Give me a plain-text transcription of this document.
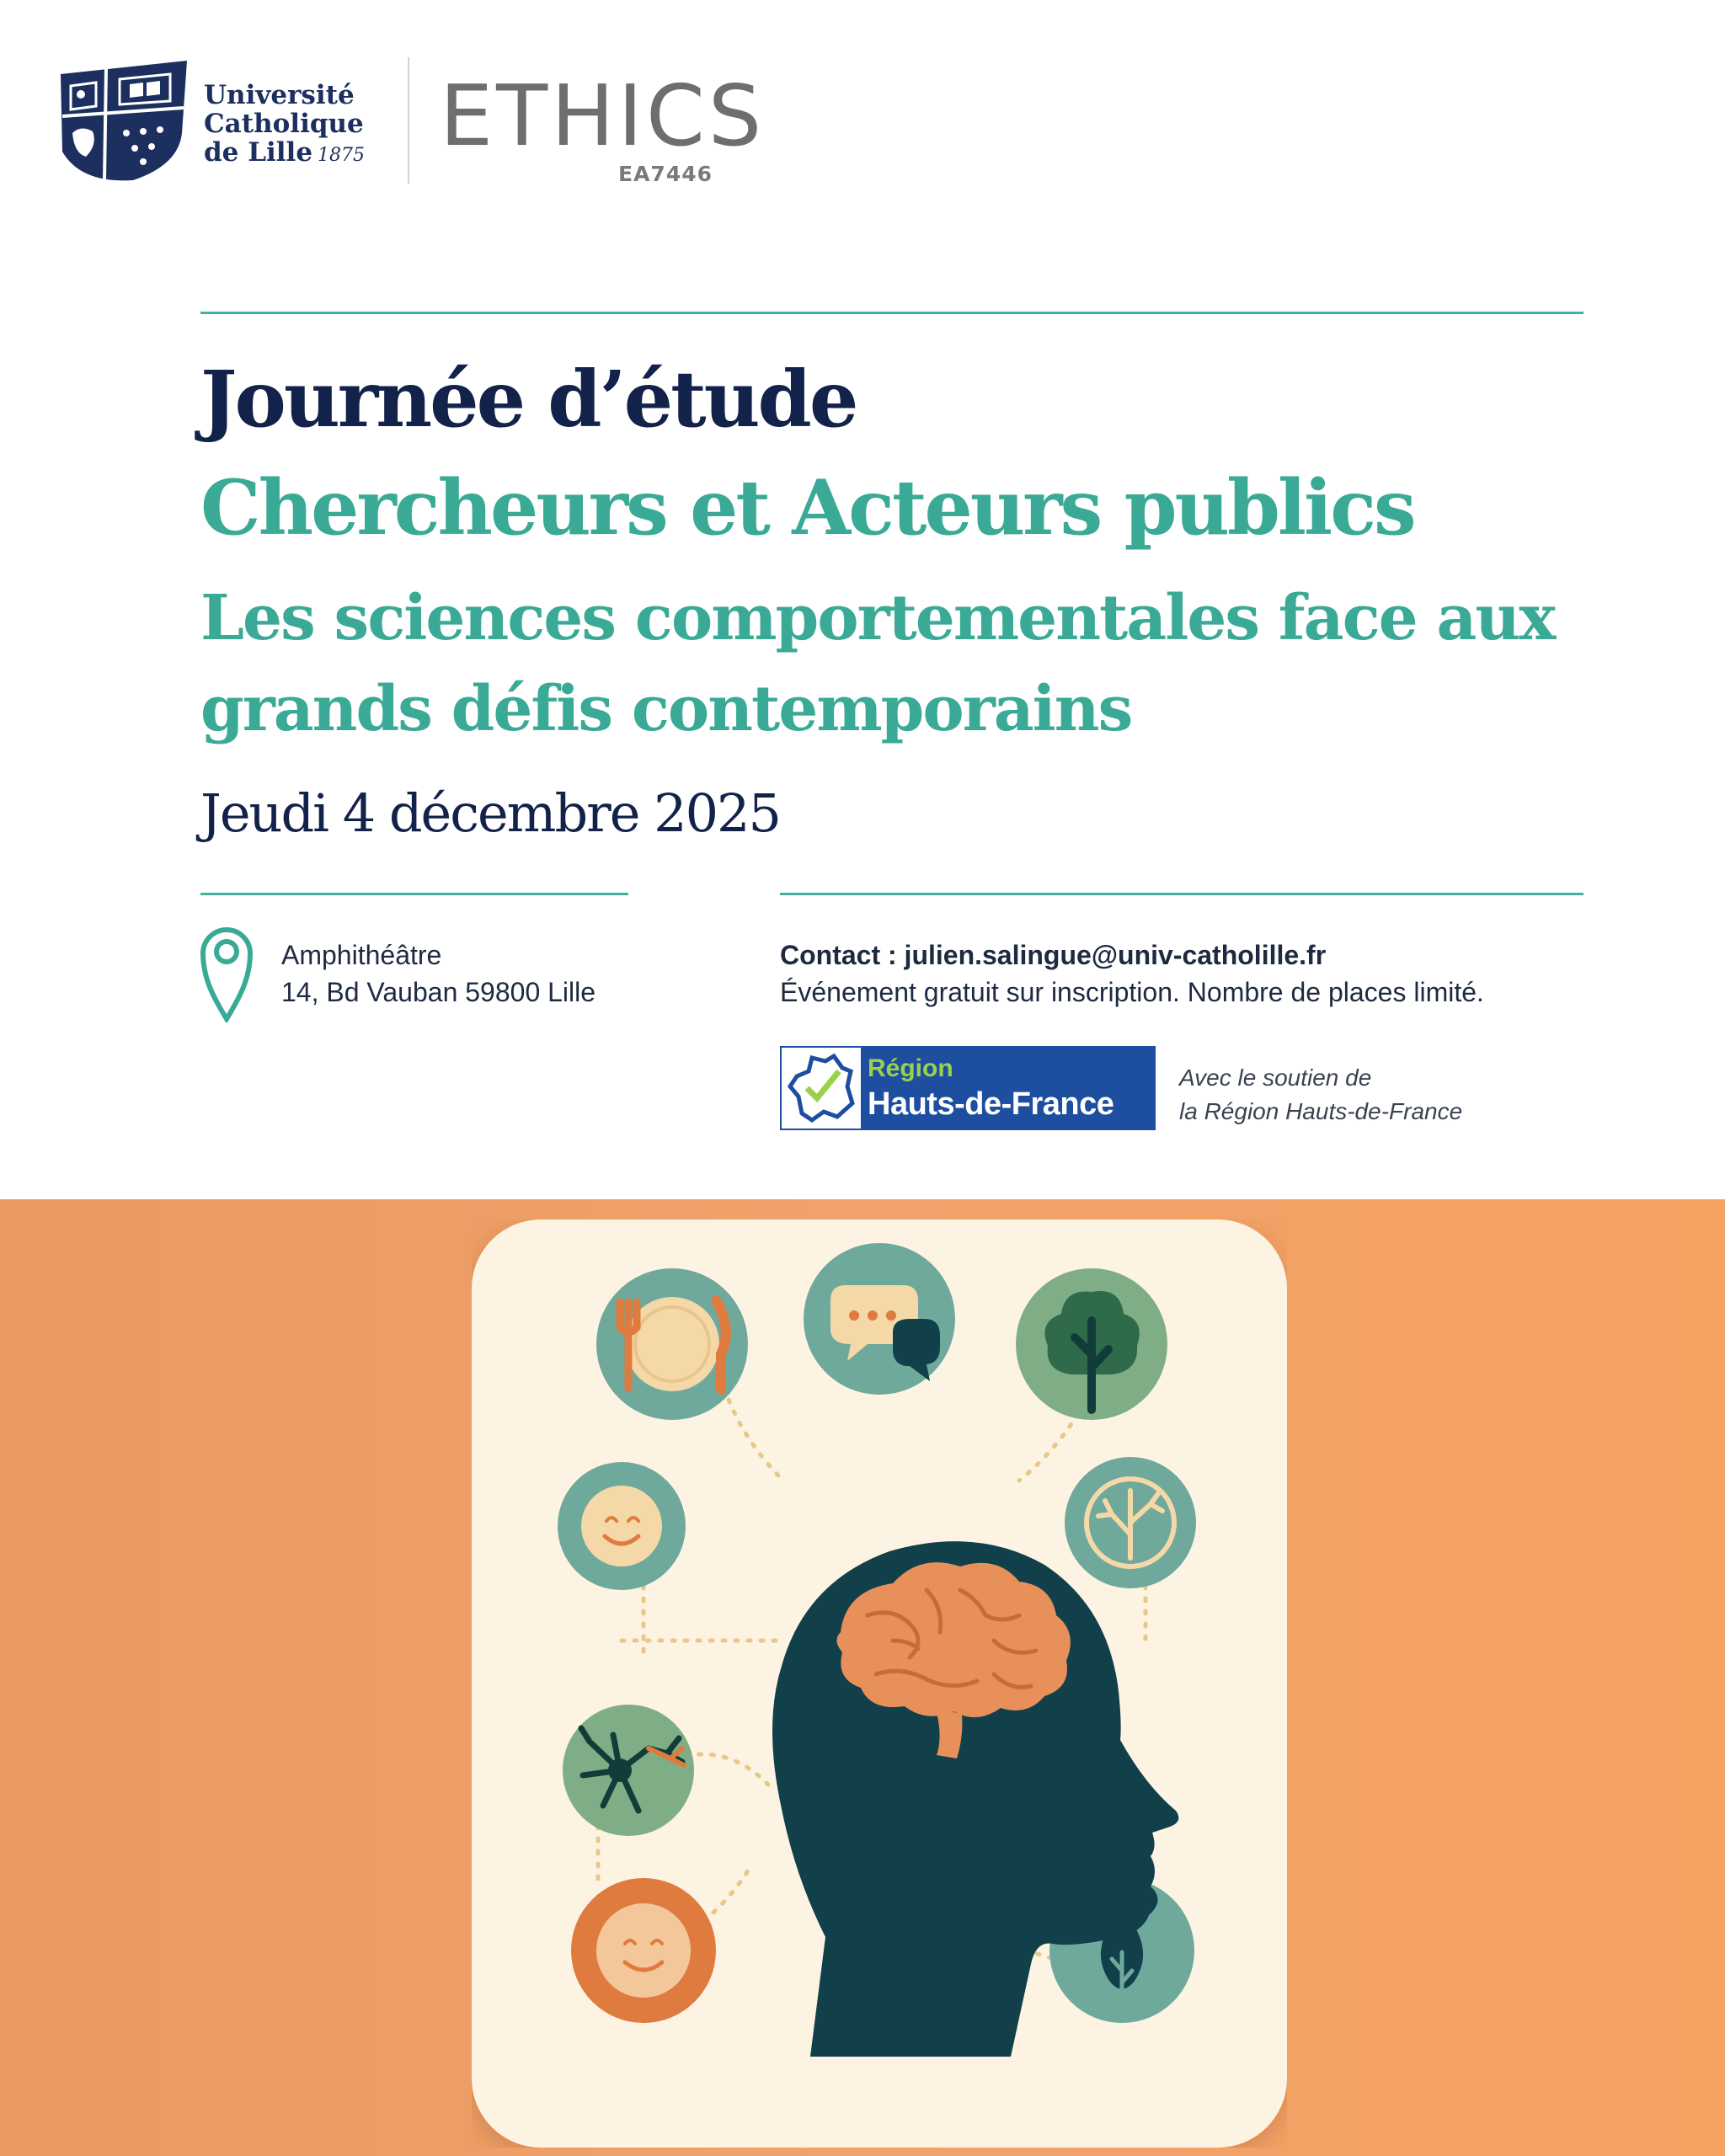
Université
Catholique
de Lille 1875 ETHICS
EA7446
Journée d’étude
Chercheurs et Acteurs publics
Les sciences comportementales face aux grands défis contemporains
Jeudi 4 décembre 2025
Amphithéâtre
14, Bd Vauban 59800 Lille
Contact : julien.salingue@univ-catholille.fr
Événement gratuit sur inscription. Nombre de places limité.
Région
Hauts-de-France
Avec le soutien de
la Région Hauts-de-France
